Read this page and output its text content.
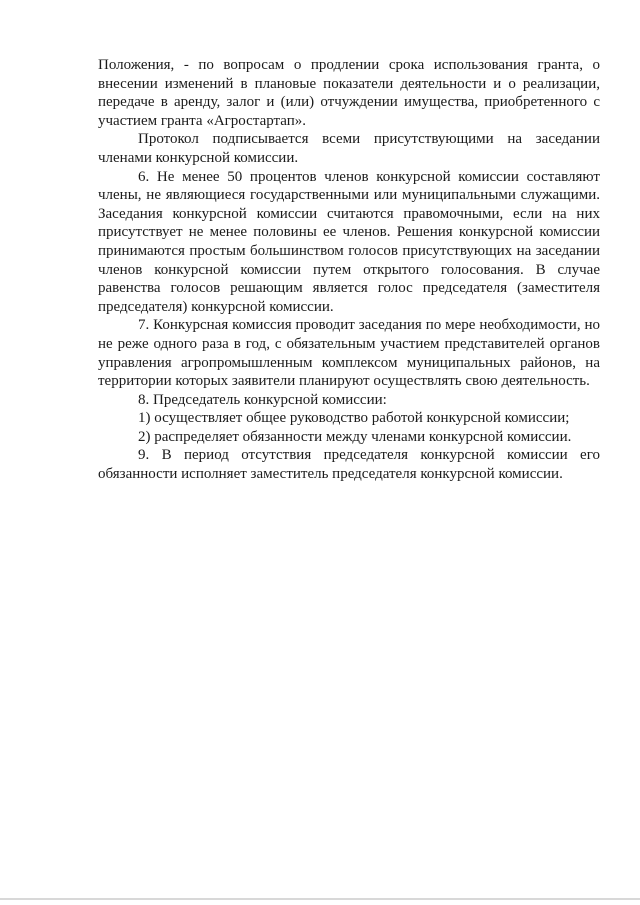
Положения, - по вопросам о продлении срока использования гранта, о внесении изменений в плановые показатели деятельности и о реализации, передаче в аренду, залог и (или) отчуждении имущества, приобретенного с участием гранта «Агростартап».

Протокол подписывается всеми присутствующими на заседании членами конкурсной комиссии.

6. Не менее 50 процентов членов конкурсной комиссии составляют члены, не являющиеся государственными или муниципальными служащими. Заседания конкурсной комиссии считаются правомочными, если на них присутствует не менее половины ее членов. Решения конкурсной комиссии принимаются простым большинством голосов присутствующих на заседании членов конкурсной комиссии путем открытого голосования. В случае равенства голосов решающим является голос председателя (заместителя председателя) конкурсной комиссии.

7. Конкурсная комиссия проводит заседания по мере необходимости, но не реже одного раза в год, с обязательным участием представителей органов управления агропромышленным комплексом муниципальных районов, на территории которых заявители планируют осуществлять свою деятельность.

8. Председатель конкурсной комиссии:

1) осуществляет общее руководство работой конкурсной комиссии;

2) распределяет обязанности между членами конкурсной комиссии.

9. В период отсутствия председателя конкурсной комиссии его обязанности исполняет заместитель председателя конкурсной комиссии.
